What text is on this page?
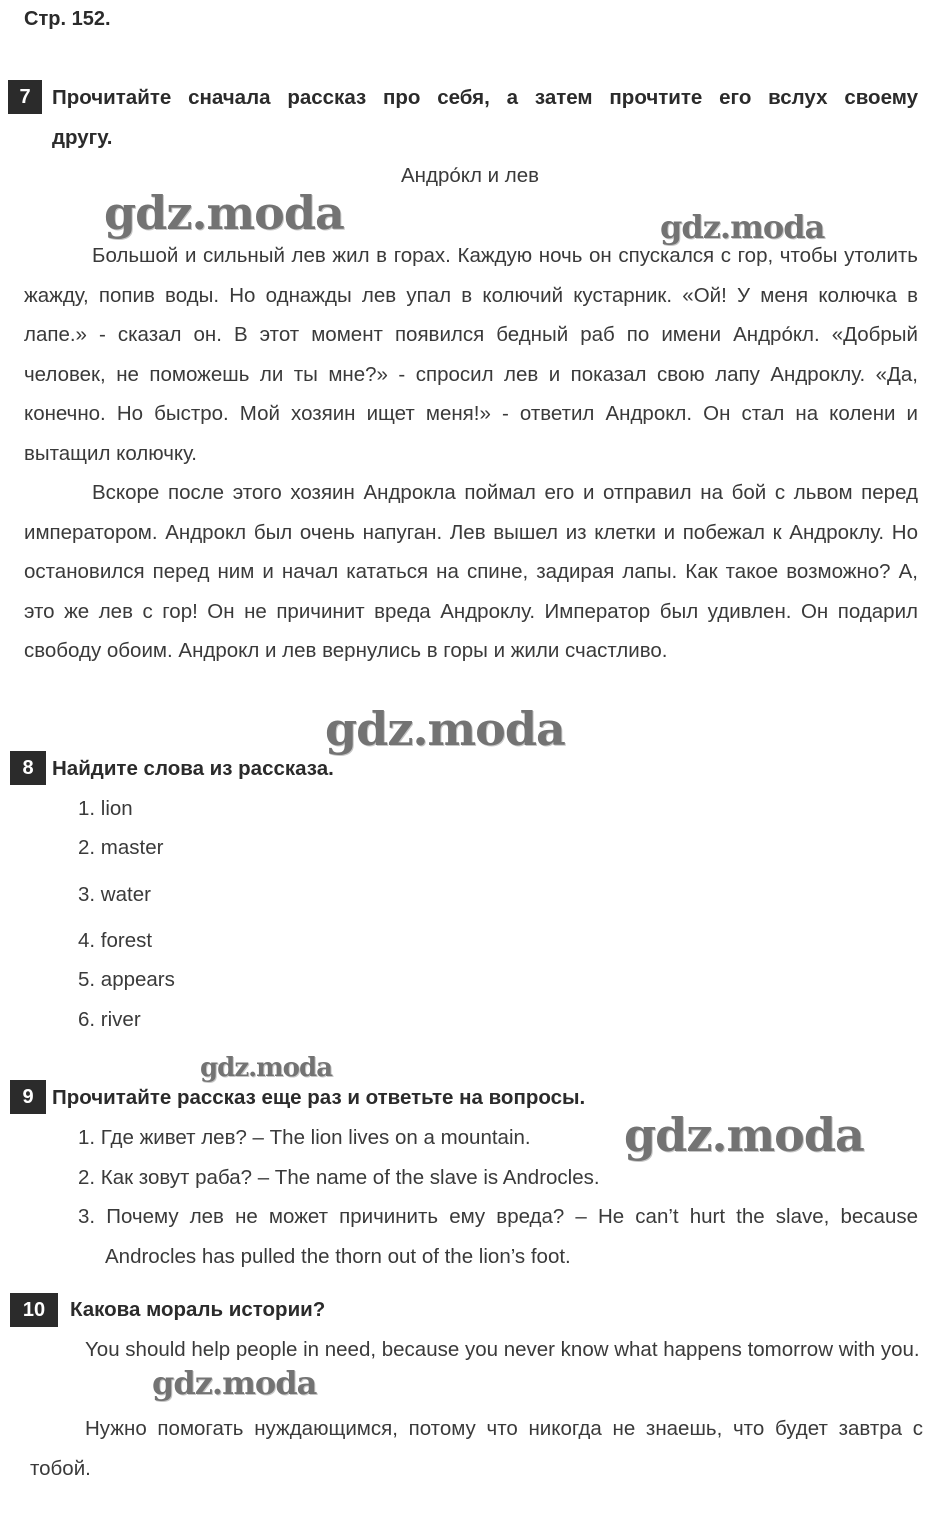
Стр. 152.
7	Прочитайте сначала рассказ про себя, а затем прочтите его вслух своему
другу.
Андро́кл и лев

Большой и сильный лев жил в горах. Каждую ночь он спускался с гор, чтобы утолить жажду, попив воды. Но однажды лев упал в колючий кустарник. «Ой! У меня колючка в лапе.» - сказал он. В этот момент появился бедный раб по имени Андро́кл. «Добрый человек, не поможешь ли ты мне?» - спросил лев и показал свою лапу Андроклу. «Да, конечно. Но быстро. Мой хозяин ищет меня!» - ответил Андрокл. Он стал на колени и вытащил колючку.

Вскоре после этого хозяин Андрокла поймал его и отправил на бой с львом перед императором. Андрокл был очень напуган. Лев вышел из клетки и побежал к Андроклу. Но остановился перед ним и начал кататься на спине, задирая лапы. Как такое возможно? А, это же лев с гор! Он не причинит вреда Андроклу. Император был удивлен. Он подарил свободу обоим. Андрокл и лев вернулись в горы и жили счастливо.

8 Найдите слова из рассказа.
1. lion
2. master
3. water
4. forest
5. appears
6. river
9 Прочитайте рассказ еще раз и ответьте на вопросы.
1. Где живет лев? – The lion lives on a mountain.
2. Как зовут раба? – The name of the slave is Androcles.
3. Почему лев не может причинить ему вреда? – He can’t hurt the slave, because
Androcles has pulled the thorn out of the lion’s foot.
10	Какова мораль истории?

You should help people in need, because you never know what happens tomorrow with you.

Нужно помогать нуждающимся, потому что никогда не знаешь, что будет завтра с тобой.

gdz.moda	gdz.moda
gdz.moda
gdz.moda
gdz.moda
gdz.moda
